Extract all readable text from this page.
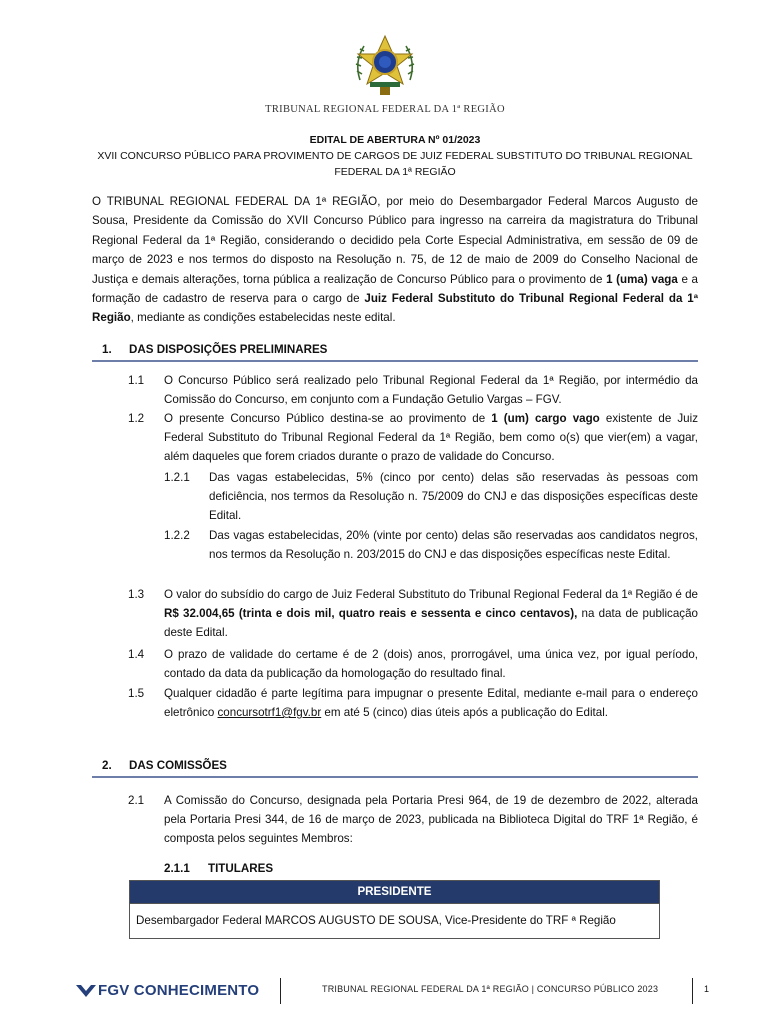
TRIBUNAL REGIONAL FEDERAL DA 1ª REGIÃO
EDITAL DE ABERTURA Nº 01/2023
XVII CONCURSO PÚBLICO PARA PROVIMENTO DE CARGOS DE JUIZ FEDERAL SUBSTITUTO DO TRIBUNAL REGIONAL
FEDERAL DA 1ª REGIÃO
O TRIBUNAL REGIONAL FEDERAL DA 1ª REGIÃO, por meio do Desembargador Federal Marcos Augusto de Sousa, Presidente da Comissão do XVII Concurso Público para ingresso na carreira da magistratura do Tribunal Regional Federal da 1ª Região, considerando o decidido pela Corte Especial Administrativa, em sessão de 09 de março de 2023 e nos termos do disposto na Resolução n. 75, de 12 de maio de 2009 do Conselho Nacional de Justiça e demais alterações, torna pública a realização de Concurso Público para o provimento de 1 (uma) vaga e a formação de cadastro de reserva para o cargo de Juiz Federal Substituto do Tribunal Regional Federal da 1ª Região, mediante as condições estabelecidas neste edital.
1. DAS DISPOSIÇÕES PRELIMINARES
1.1 O Concurso Público será realizado pelo Tribunal Regional Federal da 1ª Região, por intermédio da Comissão do Concurso, em conjunto com a Fundação Getulio Vargas – FGV.
1.2 O presente Concurso Público destina-se ao provimento de 1 (um) cargo vago existente de Juiz Federal Substituto do Tribunal Regional Federal da 1ª Região, bem como o(s) que vier(em) a vagar, além daqueles que forem criados durante o prazo de validade do Concurso.
1.2.1 Das vagas estabelecidas, 5% (cinco por cento) delas são reservadas às pessoas com deficiência, nos termos da Resolução n. 75/2009 do CNJ e das disposições específicas deste Edital.
1.2.2 Das vagas estabelecidas, 20% (vinte por cento) delas são reservadas aos candidatos negros, nos termos da Resolução n. 203/2015 do CNJ e das disposições específicas neste Edital.
1.3 O valor do subsídio do cargo de Juiz Federal Substituto do Tribunal Regional Federal da 1ª Região é de R$ 32.004,65 (trinta e dois mil, quatro reais e sessenta e cinco centavos), na data de publicação deste Edital.
1.4 O prazo de validade do certame é de 2 (dois) anos, prorrogável, uma única vez, por igual período, contado da data da publicação da homologação do resultado final.
1.5 Qualquer cidadão é parte legítima para impugnar o presente Edital, mediante e-mail para o endereço eletrônico concursotrf1@fgv.br em até 5 (cinco) dias úteis após a publicação do Edital.
2. DAS COMISSÕES
2.1 A Comissão do Concurso, designada pela Portaria Presi 964, de 19 de dezembro de 2022, alterada pela Portaria Presi 344, de 16 de março de 2023, publicada na Biblioteca Digital do TRF 1ª Região, é composta pelos seguintes Membros:
2.1.1 TITULARES
PRESIDENTE
Desembargador Federal MARCOS AUGUSTO DE SOUSA, Vice-Presidente do TRF ª Região
FGV CONHECIMENTO	TRIBUNAL REGIONAL FEDERAL DA 1ª REGIÃO | CONCURSO PÚBLICO 2023	1
